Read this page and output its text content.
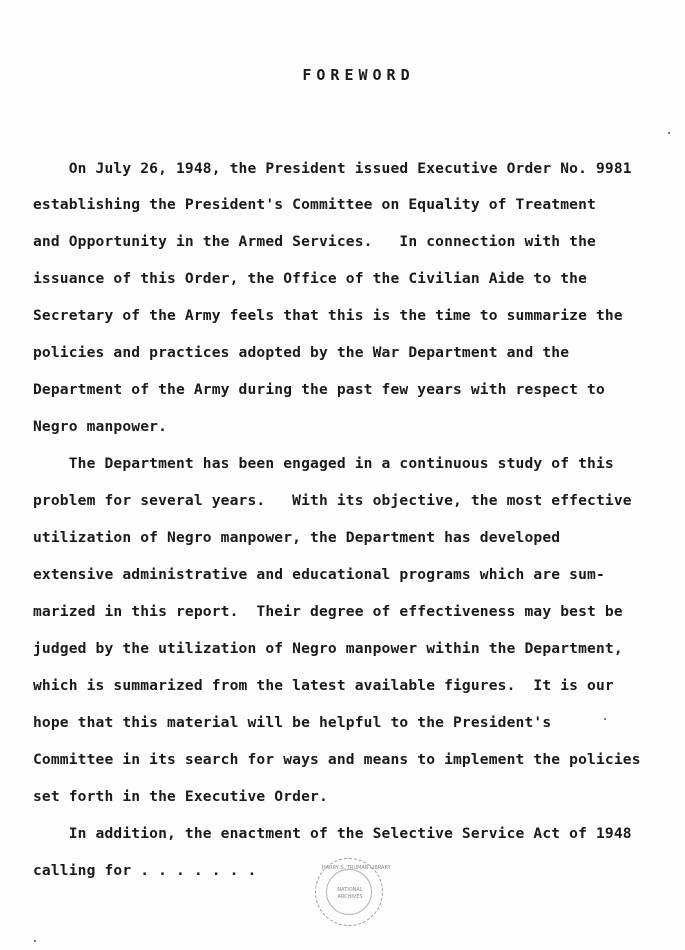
FOREWORD
On July 26, 1948, the President issued Executive Order No. 9981
establishing the President's Committee on Equality of Treatment
and Opportunity in the Armed Services.   In connection with the
issuance of this Order, the Office of the Civilian Aide to the
Secretary of the Army feels that this is the time to summarize the
policies and practices adopted by the War Department and the
Department of the Army during the past few years with respect to
Negro manpower.
The Department has been engaged in a continuous study of this
problem for several years.   With its objective, the most effective
utilization of Negro manpower, the Department has developed
extensive administrative and educational programs which are sum-
marized in this report.  Their degree of effectiveness may best be
judged by the utilization of Negro manpower within the Department,
which is summarized from the latest available figures.  It is our
hope that this material will be helpful to the President's
Committee in its search for ways and means to implement the policies
set forth in the Executive Order.
In addition, the enactment of the Selective Service Act of 1948
calling for . . . . . . .	HARRY S. TRUMAN LIBRARY
NATIONAL
ARCHIVES
